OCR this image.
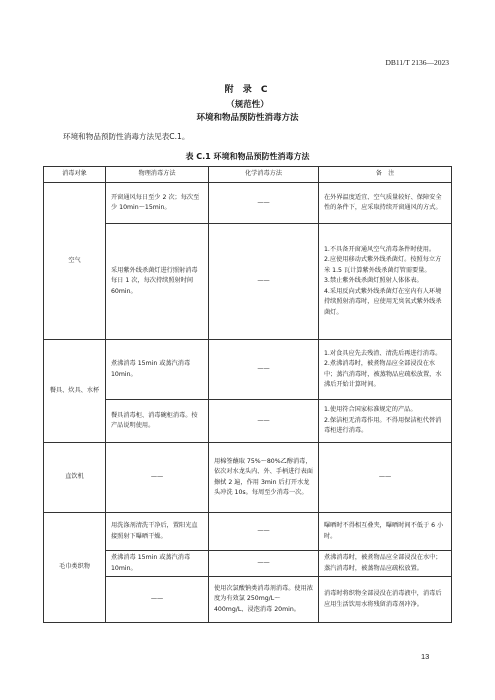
DB11/T 2136—2023
附 录 C
（规范性）
环境和物品预防性消毒方法
环境和物品预防性消毒方法见表C.1。
表 C.1 环境和物品预防性消毒方法
消毒对象	物理消毒方法	化学消毒方法	备　注
空气	开窗通风每日至少 2 次；每次至少 10min～15min。	——	在外界温度适宜、空气质量较好、保障安全性的条件下，应采取持续开窗通风的方式。

	采用紫外线杀菌灯进行照射消毒每日 1 次，每次持续照射时间 60min。	——	1.不具备开窗通风空气消毒条件时使用。
2.应使用移动式紫外线杀菌灯。按照每立方米 1.5 瓦计算紫外线杀菌灯管需要量。
3.禁止紫外线杀菌灯照射人体体表。
4.采用反向式紫外线杀菌灯在室内有人环境持续照射消毒时，应使用无臭氧式紫外线杀菌灯。

餐具、炊具、水杯	煮沸消毒 15min 或蒸汽消毒 10min。	——	1.对食具应先去残渣、清洗后再进行消毒。
2.煮沸消毒时，被煮物品应全部浸没在水中；蒸汽消毒时，被蒸物品应疏松放置，水沸后开始计算时间。

	餐具消毒柜、消毒碗柜消毒。按产品说明使用。	——	1.使用符合国家标准规定的产品。
2.保洁柜无消毒作用。不得用保洁柜代替消毒柜进行消毒。

直饮机	——	用棉签蘸取 75%～80%乙醇消毒，依次对水龙头内、外、手柄进行表面擦拭 2 遍，作用 3min 后打开水龙头冲洗 10s。每周至少消毒一次。	——
毛巾类织物	用洗涤剂清洗干净后，置阳光直接照射下曝晒干燥。	——	曝晒时不得相互叠夹，曝晒时间不低于 6 小时。
	煮沸消毒 15min 或蒸汽消毒 10min。	——	煮沸消毒时，被煮物品应全部浸没在水中；蒸汽消毒时，被蒸物品应疏松放置。
	——	使用次氯酸钠类消毒剂消毒。使用浓度为有效氯 250mg/L～400mg/L、浸泡消毒 20min。	消毒时将织物全部浸没在消毒液中，消毒后应用生活饮用水将残留消毒剂冲净。
13
